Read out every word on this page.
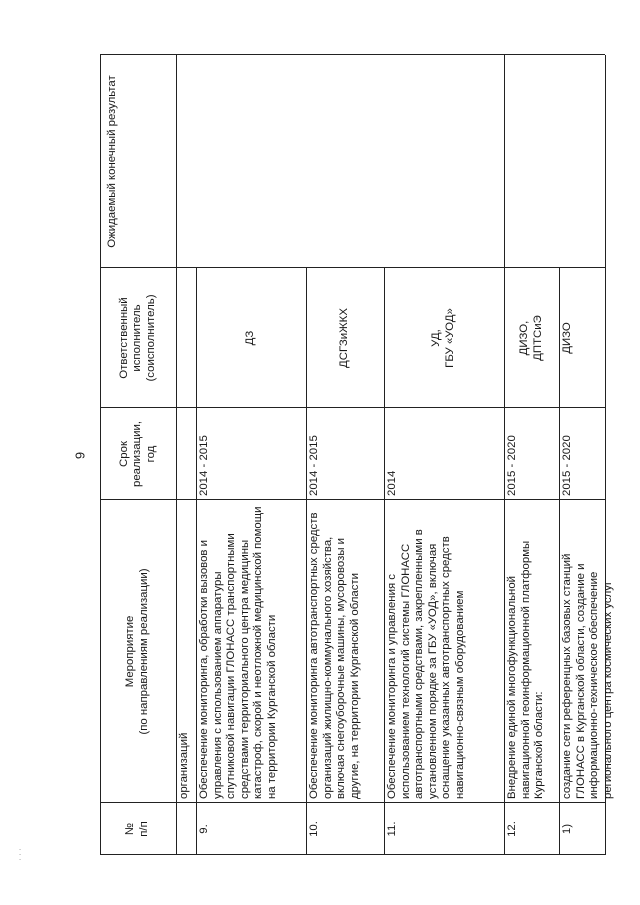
9
№
п/п
Мероприятие
(по направлениям реализации)
Срок
реализации,
год
Ответственный
исполнитель
(соисполнитель)
Ожидаемый конечный результат
организаций
9.
Обеспечение мониторинга, обработки вызовов и управления с использованием аппаратуры спутниковой навигации ГЛОНАСС транспортными средствами территориального центра медицины катастроф, скорой и неотложной медицинской помощи на территории Курганской области
2014 - 2015
ДЗ
10.
Обеспечение мониторинга автотранспортных средств организаций жилищно-коммунального хозяйства, включая снегоуборочные машины, мусоровозы и другие, на территории Курганской области
2014 - 2015
ДСГЗиЖКХ
11.
Обеспечение мониторинга и управления с использованием технологий системы ГЛОНАСС автотранспортными средствами, закрепленными в установленном порядке за ГБУ «УОД», включая оснащение указанных автотранспортных средств навигационно-связным оборудованием
2014
УД,
ГБУ «УОД»
12.
Внедрение единой многофункциональной навигационной геоинформационной платформы Курганской области:
2015 - 2020
ДИЗО,
ДПТСиЭ
1)
создание сети референцных базовых станций ГЛОНАСС в Курганской области, создание и информационно-техническое обеспечение регионального центра космических услуг
2015 - 2020
ДИЗО
· · ·
